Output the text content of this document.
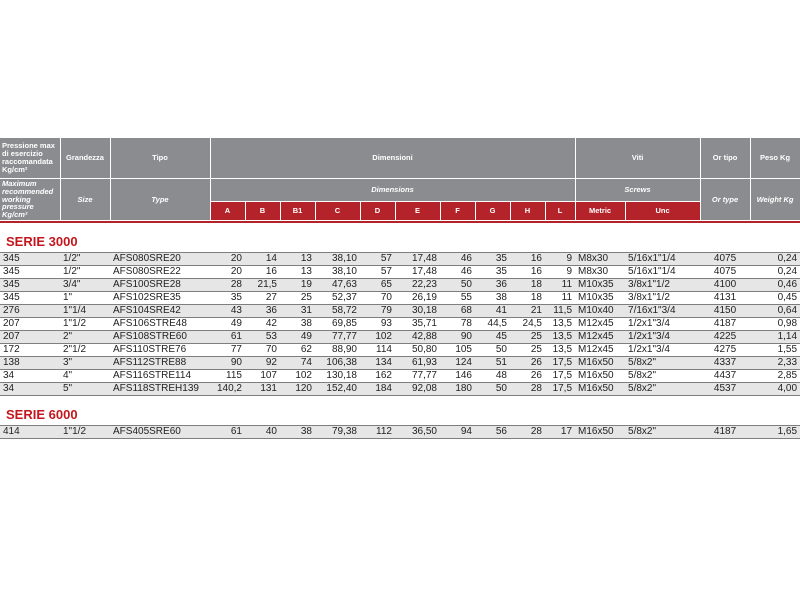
Pressione max di esercizio raccomandata Kg/cm²	Grandezza	Tipo	Dimensioni										Viti		Or tipo	Peso Kg
Maximum recommended working pressure Kg/cm²	Size	Type	Dimensions										Screws		Or type	Weight Kg
			A	B	B1	C	D	E	F	G	H	L	Metric	Unc		

SERIE 3000																
345	1/2"	AFS080SRE20	20	14	13	38,10	57	17,48	46	35	16	9	M8x30	5/16x1"1/4	4075	0,24
345	1/2"	AFS080SRE22	20	16	13	38,10	57	17,48	46	35	16	9	M8x30	5/16x1"1/4	4075	0,24
345	3/4"	AFS100SRE28	28	21,5	19	47,63	65	22,23	50	36	18	11	M10x35	3/8x1"1/2	4100	0,46
345	1"	AFS102SRE35	35	27	25	52,37	70	26,19	55	38	18	11	M10x35	3/8x1"1/2	4131	0,45
276	1"1/4	AFS104SRE42	43	36	31	58,72	79	30,18	68	41	21	11,5	M10x40	7/16x1"3/4	4150	0,64
207	1"1/2	AFS106STRE48	49	42	38	69,85	93	35,71	78	44,5	24,5	13,5	M12x45	1/2x1"3/4	4187	0,98
207	2"	AFS108STRE60	61	53	49	77,77	102	42,88	90	45	25	13,5	M12x45	1/2x1"3/4	4225	1,14
172	2"1/2	AFS110STRE76	77	70	62	88,90	114	50,80	105	50	25	13,5	M12x45	1/2x1"3/4	4275	1,55
138	3"	AFS112STRE88	90	92	74	106,38	134	61,93	124	51	26	17,5	M16x50	5/8x2"	4337	2,33
34	4"	AFS116STRE114	115	107	102	130,18	162	77,77	146	48	26	17,5	M16x50	5/8x2"	4437	2,85
34	5"	AFS118STREH139	140,2	131	120	152,40	184	92,08	180	50	28	17,5	M16x50	5/8x2"	4537	4,00
SERIE 6000																
414	1"1/2	AFS405SRE60	61	40	38	79,38	112	36,50	94	56	28	17	M16x50	5/8x2"	4187	1,65
